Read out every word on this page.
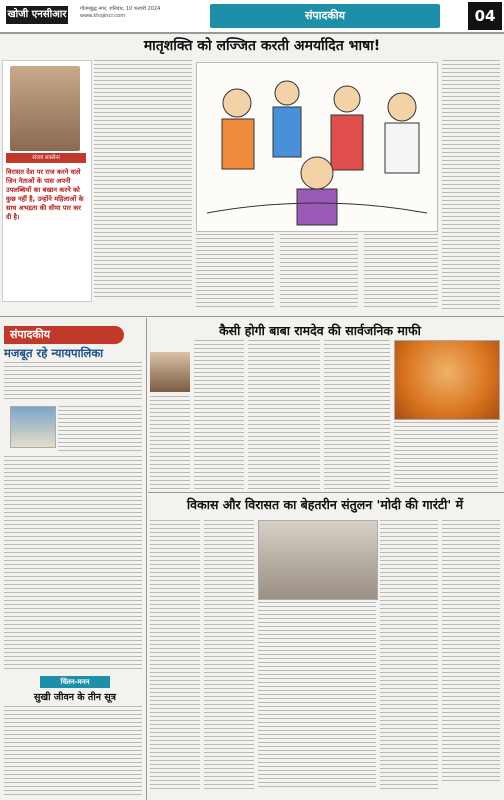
खोजी एनसीआर	गौतमबुद्ध नगर, शनिवार, 10 फरवरी 2024
www.khojincr.com	संपादकीय	04
मातृशक्ति को लज्जित करती अमर्यादित भाषा!
संजय सक्सेना
विरासत देश पर राज करने वाले जिन नेताओं के पास अपनी उपलब्धियों का बखान करने को कुछ नहीं है, उन्होंने महिलाओं के साथ अभद्रता की सीमा पार कर दी है।
संपादकीय
मजबूत रहे न्यायपालिका
चिंतन-मनन
सुखी जीवन के तीन सूत्र
कैसी होगी बाबा रामदेव की सार्वजनिक माफी
विकास और विरासत का बेहतरीन संतुलन 'मोदी की गारंटी' में
